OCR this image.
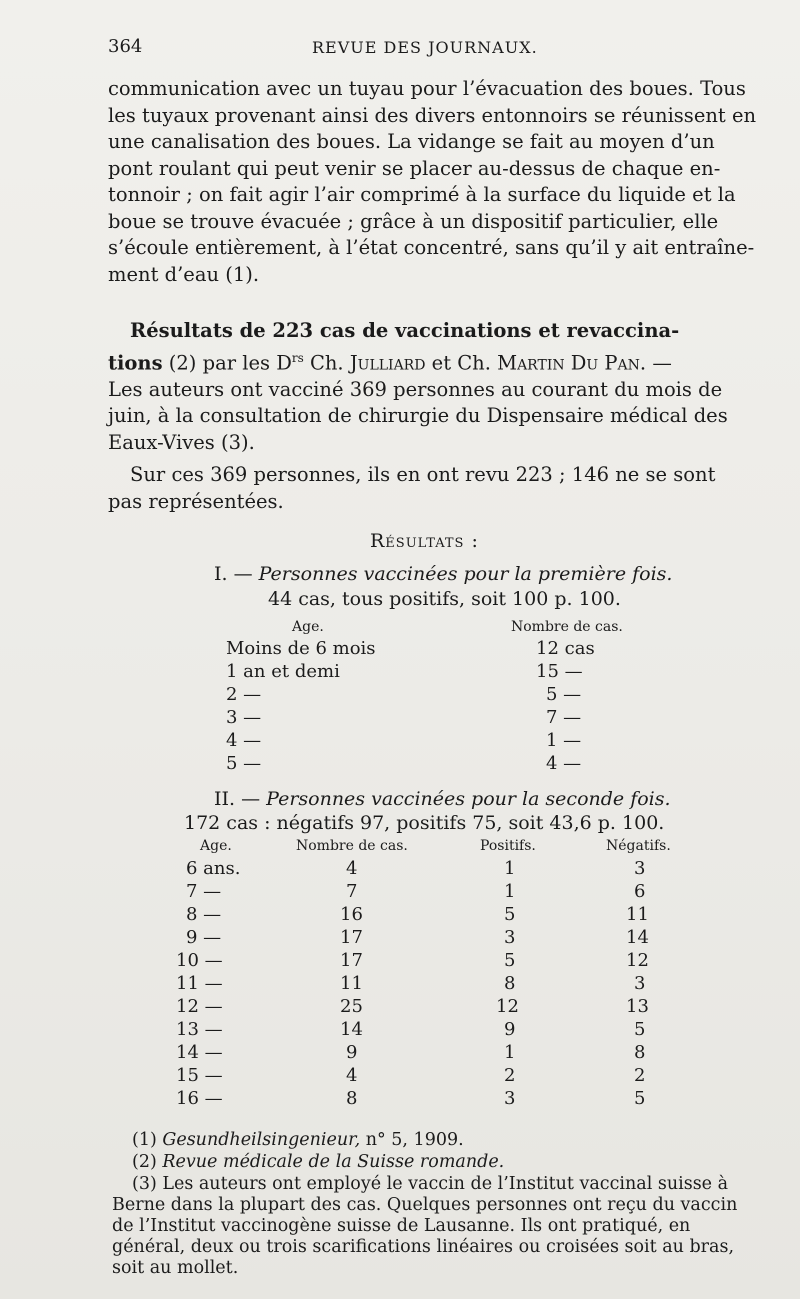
364	REVUE DES JOURNAUX.

communication avec un tuyau pour l’évacuation des boues. Tous

les tuyaux provenant ainsi des divers entonnoirs se réunissent en

une canalisation des boues. La vidange se fait au moyen d’un

pont roulant qui peut venir se placer au-dessus de chaque en-

tonnoir ; on fait agir l’air comprimé à la surface du liquide et la

boue se trouve évacuée ; grâce à un dispositif particulier, elle

s’écoule entièrement, à l’état concentré, sans qu’il y ait entraîne-

ment d’eau (1).

Résultats de 223 cas de vaccinations et revaccina-

tions (2) par les $D^{rs}$ Ch. Julliard et Ch. Martin Du Pan. —

Les auteurs ont vacciné 369 personnes au courant du mois de

juin, à la consultation de chirurgie du Dispensaire médical des

Eaux-Vives (3).

Sur ces 369 personnes, ils en ont revu 223 ; 146 ne se sont

pas représentées.

Résultats :
I. — Personnes vaccinées pour la première fois.
44 cas, tous positifs, soit 100 p. 100.
Age.	Nombre de cas.
Moins de 6 mois	12 cas
1 an et demi	15 —
2 —	5 —
3 —	7 —
4 —	1 —
5 —	4 —
II. — Personnes vaccinées pour la seconde fois.
172 cas : négatifs 97, positifs 75, soit 43,6 p. 100.
Age.	Nombre de cas.	Positifs.	Négatifs.
6 ans.	4	1	3
7 —	7	1	6
8 —	16	5	11
9 —	17	3	14
10 —	17	5	12
11 —	11	8	3
12 —	25	12	13
13 —	14	9	5
14 —	9	1	8
15 —	4	2	2
16 —	8	3	5
(1) Gesundheilsingenieur, n° 5, 1909.
(2) Revue médicale de la Suisse romande.
(3) Les auteurs ont employé le vaccin de l’Institut vaccinal suisse à
Berne dans la plupart des cas. Quelques personnes ont reçu du vaccin
de l’Institut vaccinogène suisse de Lausanne. Ils ont pratiqué, en
général, deux ou trois scarifications linéaires ou croisées soit au bras,
soit au mollet.
